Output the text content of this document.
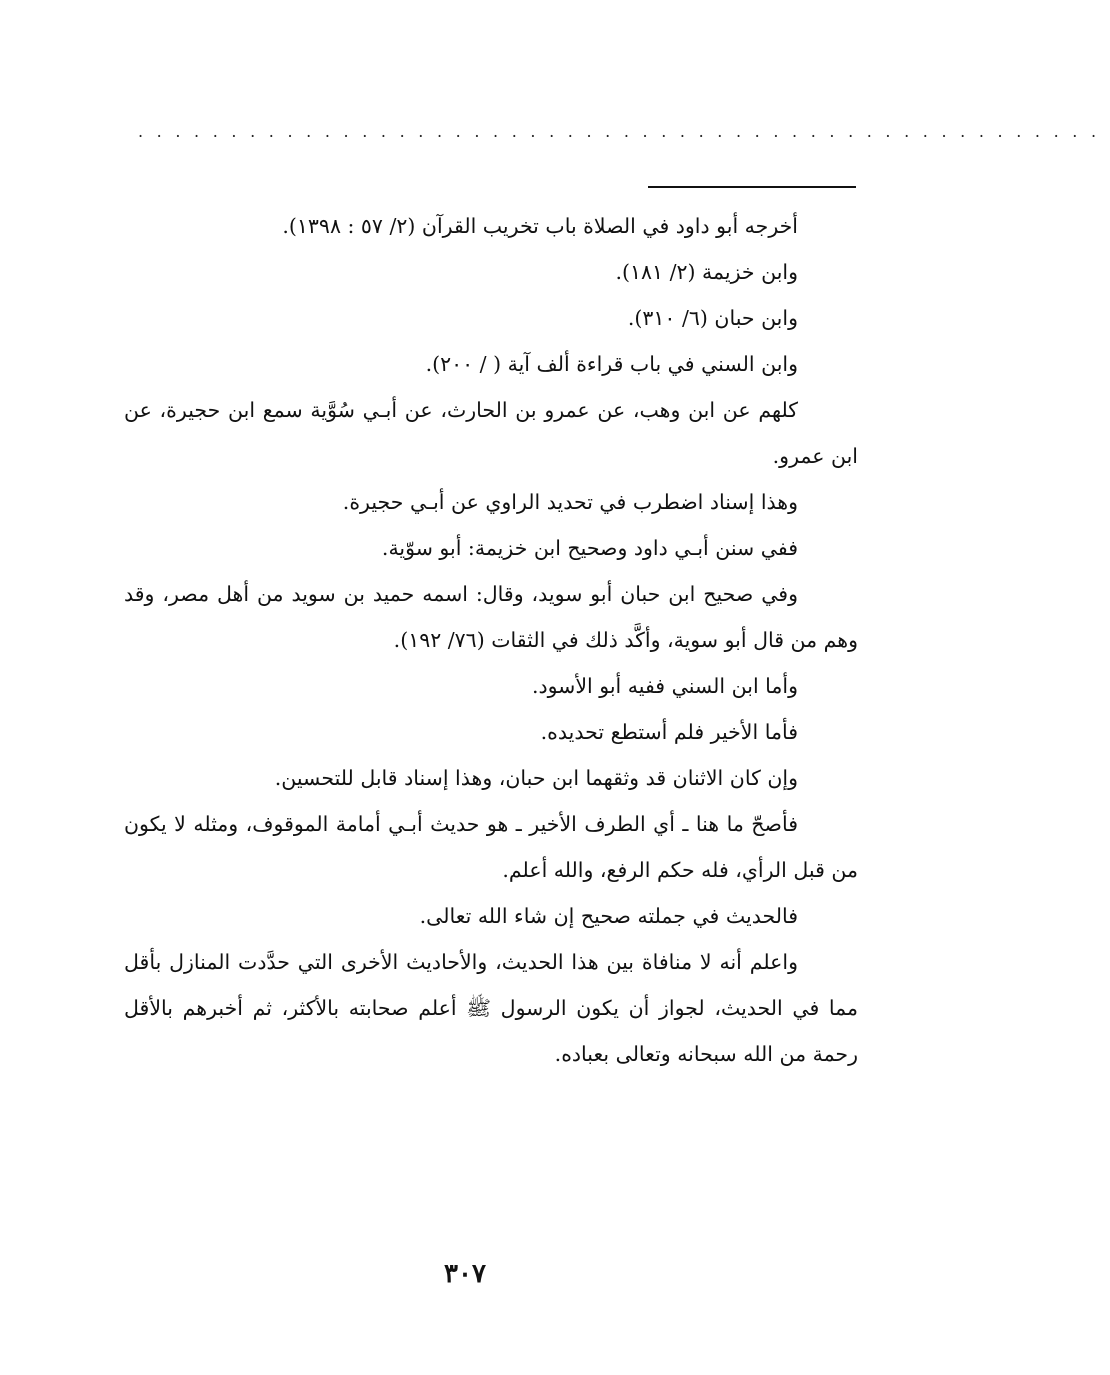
....................................................

أخرجه أبو داود في الصلاة باب تخريب القرآن (٢/ ٥٧ : ١٣٩٨).

وابن خزيمة (٢/ ١٨١).

وابن حبان (٦/ ٣١٠).

وابن السني في باب قراءة ألف آية ( / ٢٠٠).

كلهم عن ابن وهب، عن عمرو بن الحارث، عن أبـي سُوَّية سمع ابن حجيرة، عن ابن عمرو.

وهذا إسناد اضطرب في تحديد الراوي عن أبـي حجيرة.

ففي سنن أبـي داود وصحيح ابن خزيمة: أبو سوّية.

وفي صحيح ابن حبان أبو سويد، وقال: اسمه حميد بن سويد من أهل مصر، وقد وهم من قال أبو سوية، وأكَّد ذلك في الثقات (٧٦/ ١٩٢).

وأما ابن السني ففيه أبو الأسود.

فأما الأخير فلم أستطع تحديده.

وإن كان الاثنان قد وثقهما ابن حبان، وهذا إسناد قابل للتحسين.

فأصحّ ما هنا ـ أي الطرف الأخير ـ هو حديث أبـي أمامة الموقوف، ومثله لا يكون من قبل الرأي، فله حكم الرفع، والله أعلم.

فالحديث في جملته صحيح إن شاء الله تعالى.

واعلم أنه لا منافاة بين هذا الحديث، والأحاديث الأخرى التي حدَّدت المنازل بأقل مما في الحديث، لجواز أن يكون الرسول ﷺ أعلم صحابته بالأكثر، ثم أخبرهم بالأقل رحمة من الله سبحانه وتعالى بعباده.

٣٠٧
